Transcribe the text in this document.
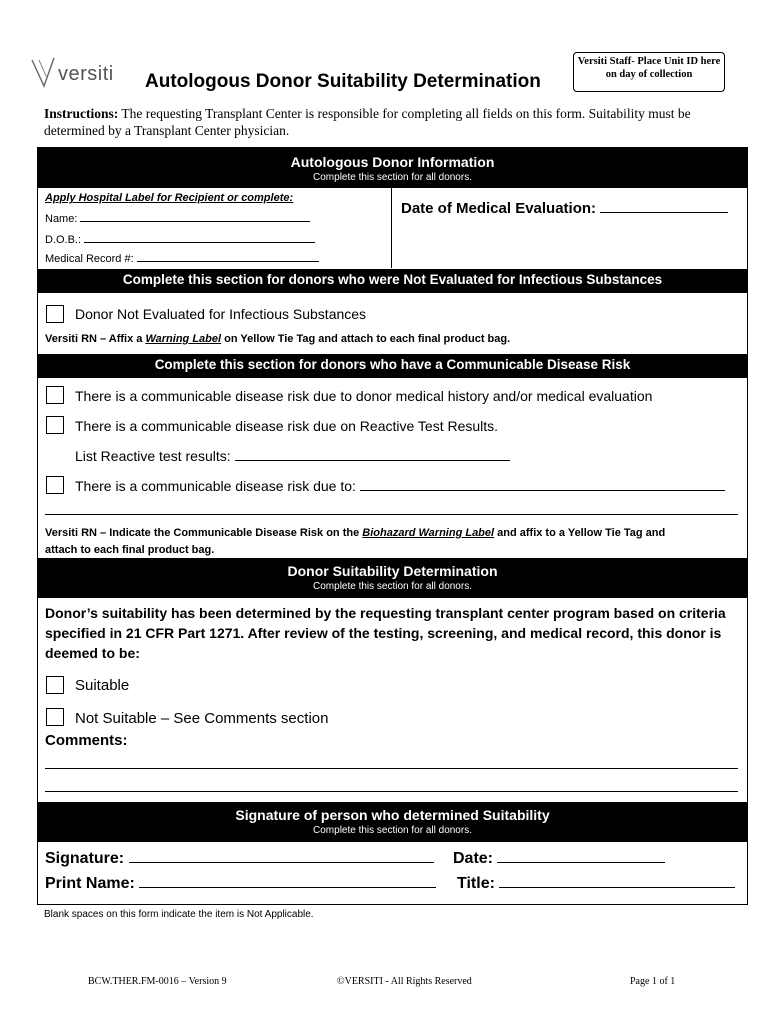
versiti Autologous Donor Suitability Determination
Versiti Staff- Place Unit ID here on day of collection
Instructions: The requesting Transplant Center is responsible for completing all fields on this form. Suitability must be determined by a Transplant Center physician.
Autologous Donor Information
Complete this section for all donors.
Apply Hospital Label for Recipient or complete:
Name:
D.O.B.:
Medical Record #:
Date of Medical Evaluation:
Complete this section for donors who were Not Evaluated for Infectious Substances
Donor Not Evaluated for Infectious Substances
Versiti RN – Affix a Warning Label on Yellow Tie Tag and attach to each final product bag.
Complete this section for donors who have a Communicable Disease Risk
There is a communicable disease risk due to donor medical history and/or medical evaluation
There is a communicable disease risk due on Reactive Test Results.
List Reactive test results:
There is a communicable disease risk due to:
Versiti RN – Indicate the Communicable Disease Risk on the Biohazard Warning Label and affix to a Yellow Tie Tag and
attach to each final product bag.
Donor Suitability Determination
Complete this section for all donors.
Donor’s suitability has been determined by the requesting transplant center program based on criteria specified in 21 CFR Part 1271. After review of the testing, screening, and medical record, this donor is deemed to be:
Suitable
Not Suitable – See Comments section
Comments:
Signature of person who determined Suitability
Complete this section for all donors.
Signature:	Date:
Print Name:	Title:
Blank spaces on this form indicate the item is Not Applicable.
BCW.THER.FM-0016 – Version 9	©VERSITI - All Rights Reserved	Page 1 of 1
